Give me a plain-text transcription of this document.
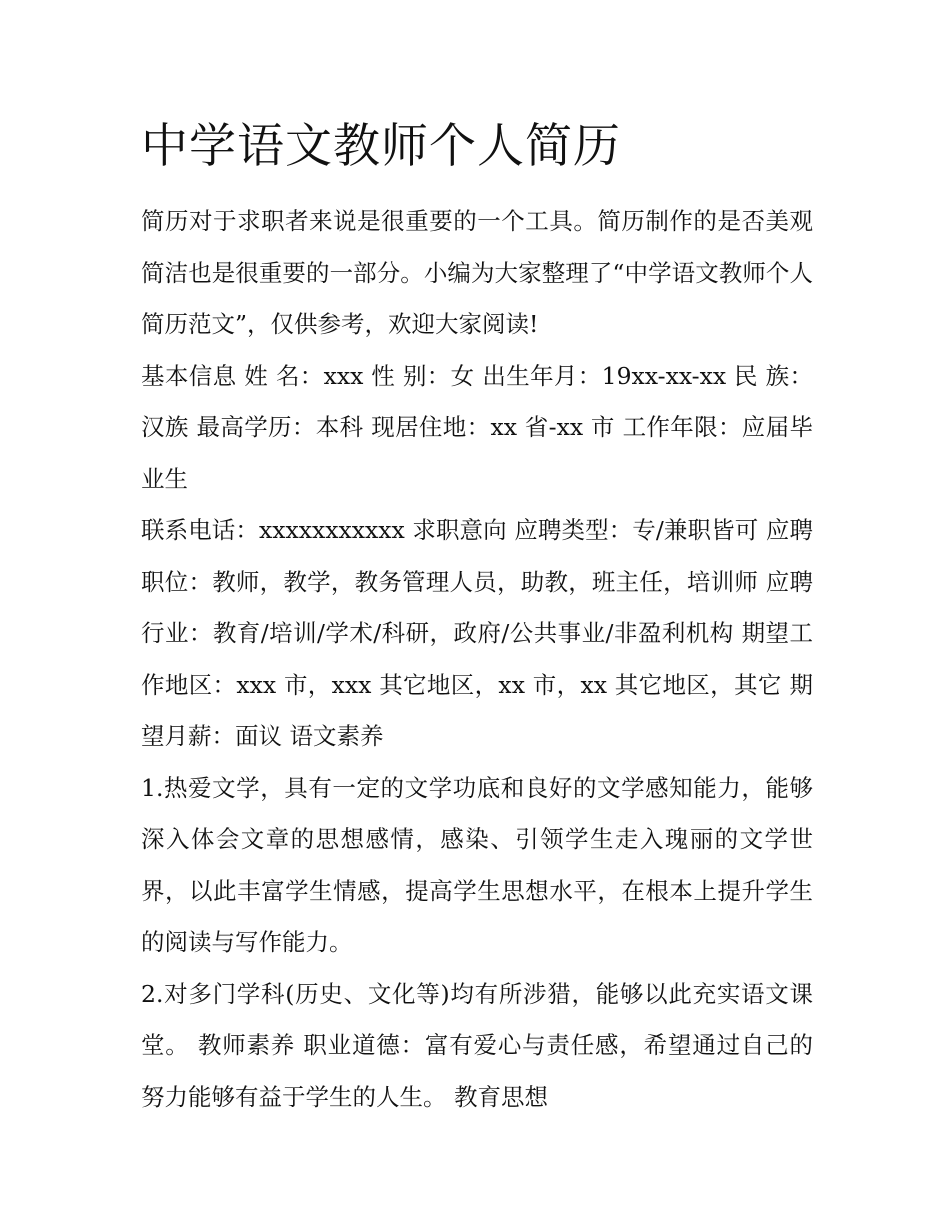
中学语文教师个人简历

简历对于求职者来说是很重要的一个工具。简历制作的是否美观简洁也是很重要的一部分。小编为大家整理了“中学语文教师个人简历范文”，仅供参考，欢迎大家阅读!

基本信息 姓 名：xxx 性 别：女 出生年月：19xx-xx-xx 民 族：汉族 最高学历：本科 现居住地：xx 省-xx 市 工作年限：应届毕业生

联系电话：xxxxxxxxxxx 求职意向 应聘类型：专/兼职皆可 应聘职位：教师，教学，教务管理人员，助教，班主任，培训师 应聘行业：教育/培训/学术/科研，政府/公共事业/非盈利机构 期望工作地区：xxx 市，xxx 其它地区，xx 市，xx 其它地区，其它 期望月薪：面议 语文素养

1.热爱文学，具有一定的文学功底和良好的文学感知能力，能够深入体会文章的思想感情，感染、引领学生走入瑰丽的文学世界，以此丰富学生情感，提高学生思想水平，在根本上提升学生的阅读与写作能力。

2.对多门学科(历史、文化等)均有所涉猎，能够以此充实语文课堂。 教师素养 职业道德：富有爱心与责任感，希望通过自己的努力能够有益于学生的人生。 教育思想
